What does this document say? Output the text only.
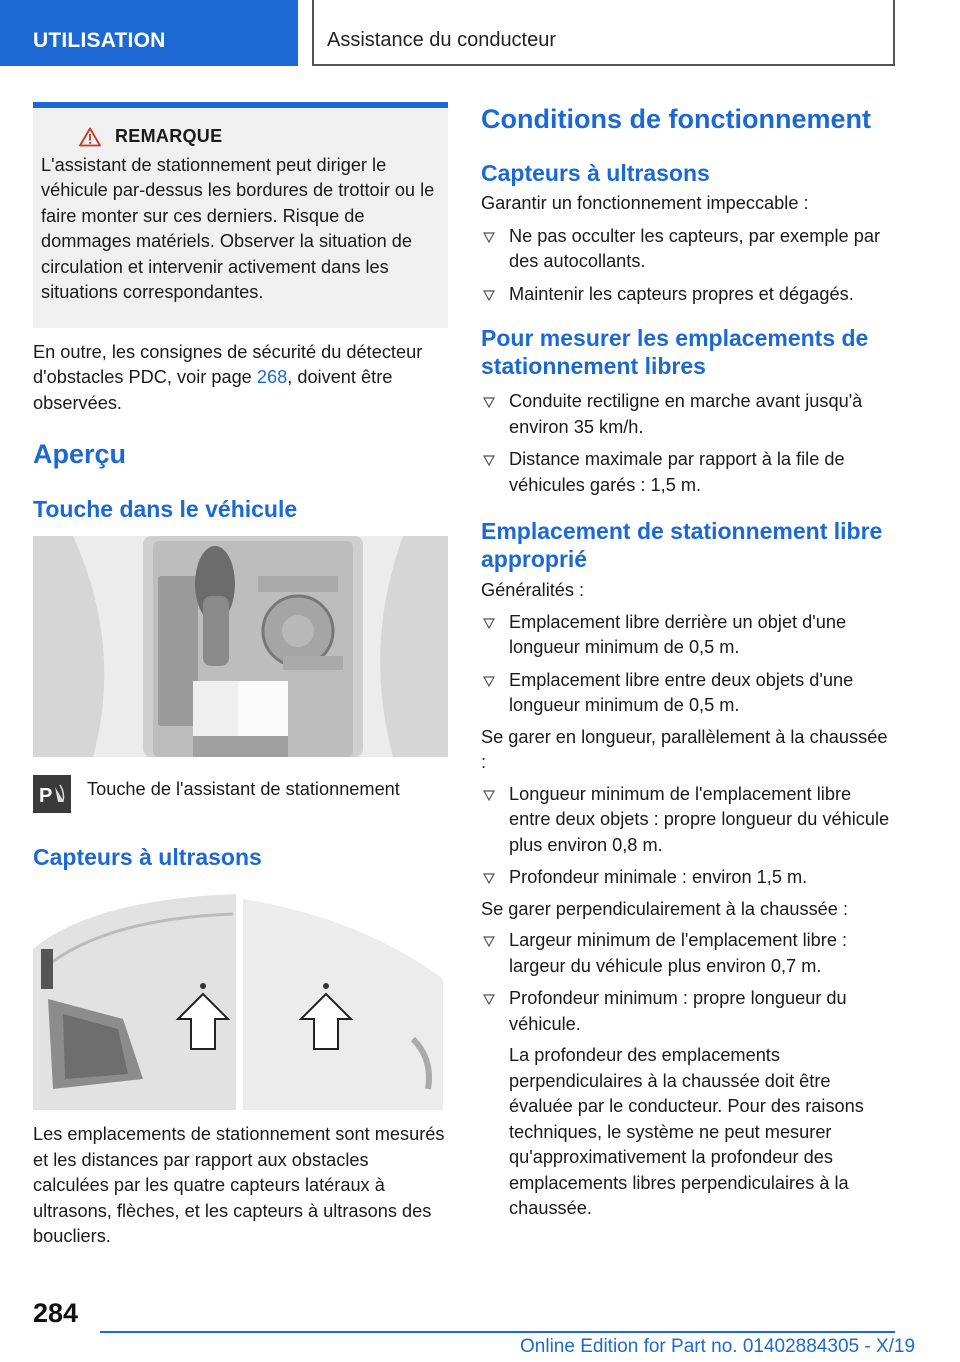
UTILISATION	Assistance du conducteur
REMARQUE
L'assistant de stationnement peut diriger le véhicule par-dessus les bordures de trottoir ou le faire monter sur ces derniers. Risque de dommages matériels. Observer la situation de circulation et intervenir activement dans les situations correspondantes.

En outre, les consignes de sécurité du détecteur d'obstacles PDC, voir page 268, doivent être observées.

Aperçu
Touche dans le véhicule
P Touche de l'assistant de stationnement

Capteurs à ultrasons

Les emplacements de stationnement sont mesurés et les distances par rapport aux obstacles calculées par les quatre capteurs latéraux à ultrasons, flèches, et les capteurs à ultrasons des boucliers.

Conditions de fonctionnement
Capteurs à ultrasons

Garantir un fonctionnement impeccable :

Ne pas occulter les capteurs, par exemple par des autocollants.
Maintenir les capteurs propres et dégagés.
Pour mesurer les emplacements de stationnement libres
Conduite rectiligne en marche avant jusqu'à environ 35 km/h.
Distance maximale par rapport à la file de véhicules garés : 1,5 m.
Emplacement de stationnement libre approprié

Généralités :

Emplacement libre derrière un objet d'une longueur minimum de 0,5 m.
Emplacement libre entre deux objets d'une longueur minimum de 0,5 m.

Se garer en longueur, parallèlement à la chaussée :

Longueur minimum de l'emplacement libre entre deux objets : propre longueur du véhicule plus environ 0,8 m.
Profondeur minimale : environ 1,5 m.

Se garer perpendiculairement à la chaussée :

Largeur minimum de l'emplacement libre : largeur du véhicule plus environ 0,7 m.
Profondeur minimum : propre longueur du véhicule.

La profondeur des emplacements perpendiculaires à la chaussée doit être évaluée par le conducteur. Pour des raisons techniques, le système ne peut mesurer qu'approximativement la profondeur des emplacements libres perpendiculaires à la chaussée.

284
Online Edition for Part no. 01402884305 - X/19
